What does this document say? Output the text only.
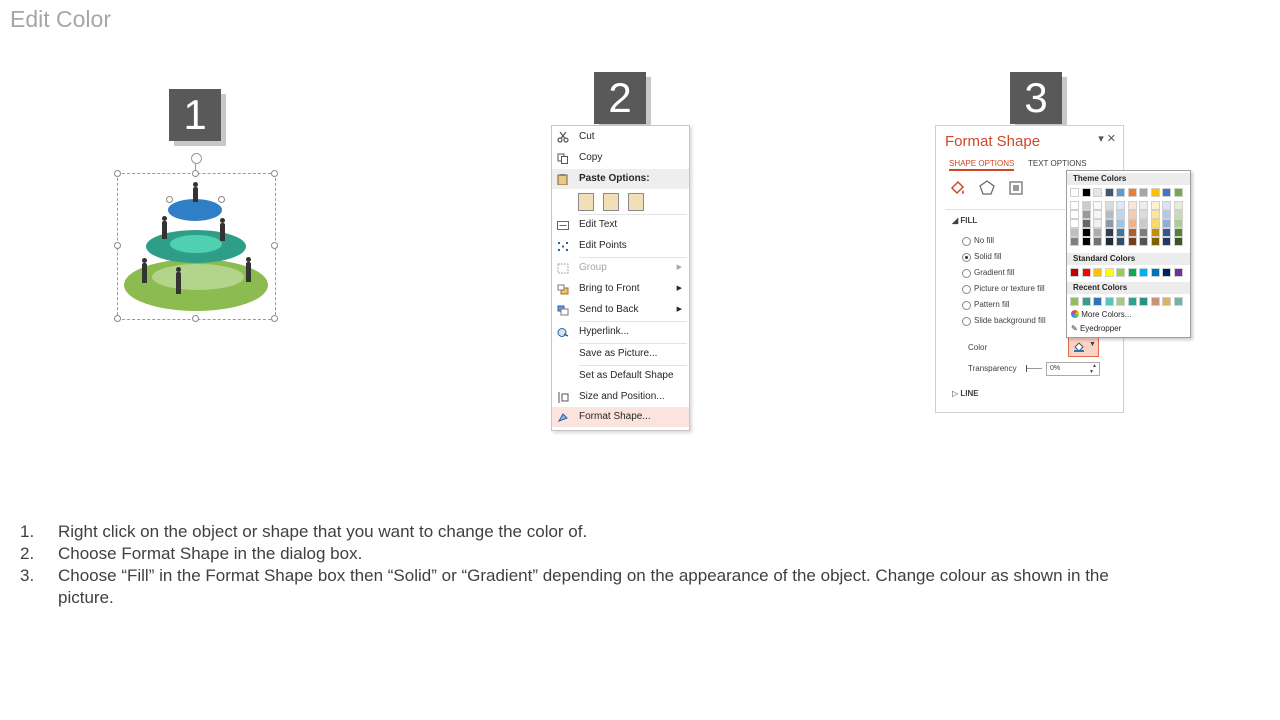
Edit Color
1	2
Cut
Copy
Paste Options:
Edit Text
Edit Points
Group	▶
Bring to Front	▶
Send to Back	▶
Hyperlink...
Save as Picture...
Set as Default Shape
Size and Position...
Format Shape...
3
Format Shape	▾ ✕
SHAPE OPTIONS TEXT OPTIONS
◢ FILL
No fill
Solid fill
Gradient fill
Picture or texture fill
Pattern fill
Slide background fill
Color	▼
Transparency	0%	▲
▼
▷ LINE
Theme Colors
Standard Colors
Recent Colors
More Colors...
✎ Eyedropper
1. Right click on the object or shape that you want to change the color of.
2. Choose Format Shape in the dialog box.
3. Choose “Fill” in the Format Shape box then “Solid” or “Gradient” depending on the appearance of the object. Change colour as shown in the picture.
